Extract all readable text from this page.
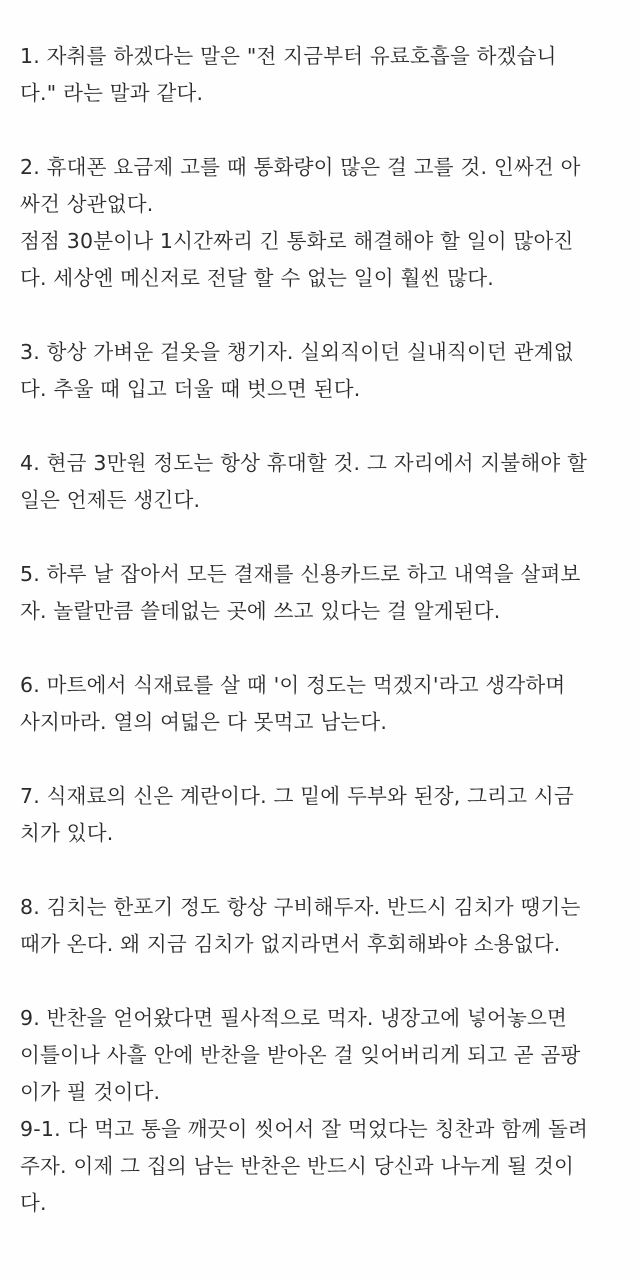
1. 자취를 하겠다는 말은 "전 지금부터 유료호흡을 하겠습니
다." 라는 말과 같다.
2. 휴대폰 요금제 고를 때 통화량이 많은 걸 고를 것. 인싸건 아
싸건 상관없다.
점점 30분이나 1시간짜리 긴 통화로 해결해야 할 일이 많아진
다. 세상엔 메신저로 전달 할 수 없는 일이 훨씬 많다.
3. 항상 가벼운 겉옷을 챙기자. 실외직이던 실내직이던 관계없
다. 추울 때 입고 더울 때 벗으면 된다.
4. 현금 3만원 정도는 항상 휴대할 것. 그 자리에서 지불해야 할
일은 언제든 생긴다.
5. 하루 날 잡아서 모든 결재를 신용카드로 하고 내역을 살펴보
자. 놀랄만큼 쓸데없는 곳에 쓰고 있다는 걸 알게된다.
6. 마트에서 식재료를 살 때 '이 정도는 먹겠지'라고 생각하며
사지마라. 열의 여덟은 다 못먹고 남는다.
7. 식재료의 신은 계란이다. 그 밑에 두부와 된장, 그리고 시금
치가 있다.
8. 김치는 한포기 정도 항상 구비해두자. 반드시 김치가 땡기는
때가 온다. 왜 지금 김치가 없지라면서 후회해봐야 소용없다.
9. 반찬을 얻어왔다면 필사적으로 먹자. 냉장고에 넣어놓으면
이틀이나 사흘 안에 반찬을 받아온 걸 잊어버리게 되고 곧 곰팡
이가 필 것이다.
9-1. 다 먹고 통을 깨끗이 씻어서 잘 먹었다는 칭찬과 함께 돌려
주자. 이제 그 집의 남는 반찬은 반드시 당신과 나누게 될 것이
다.
